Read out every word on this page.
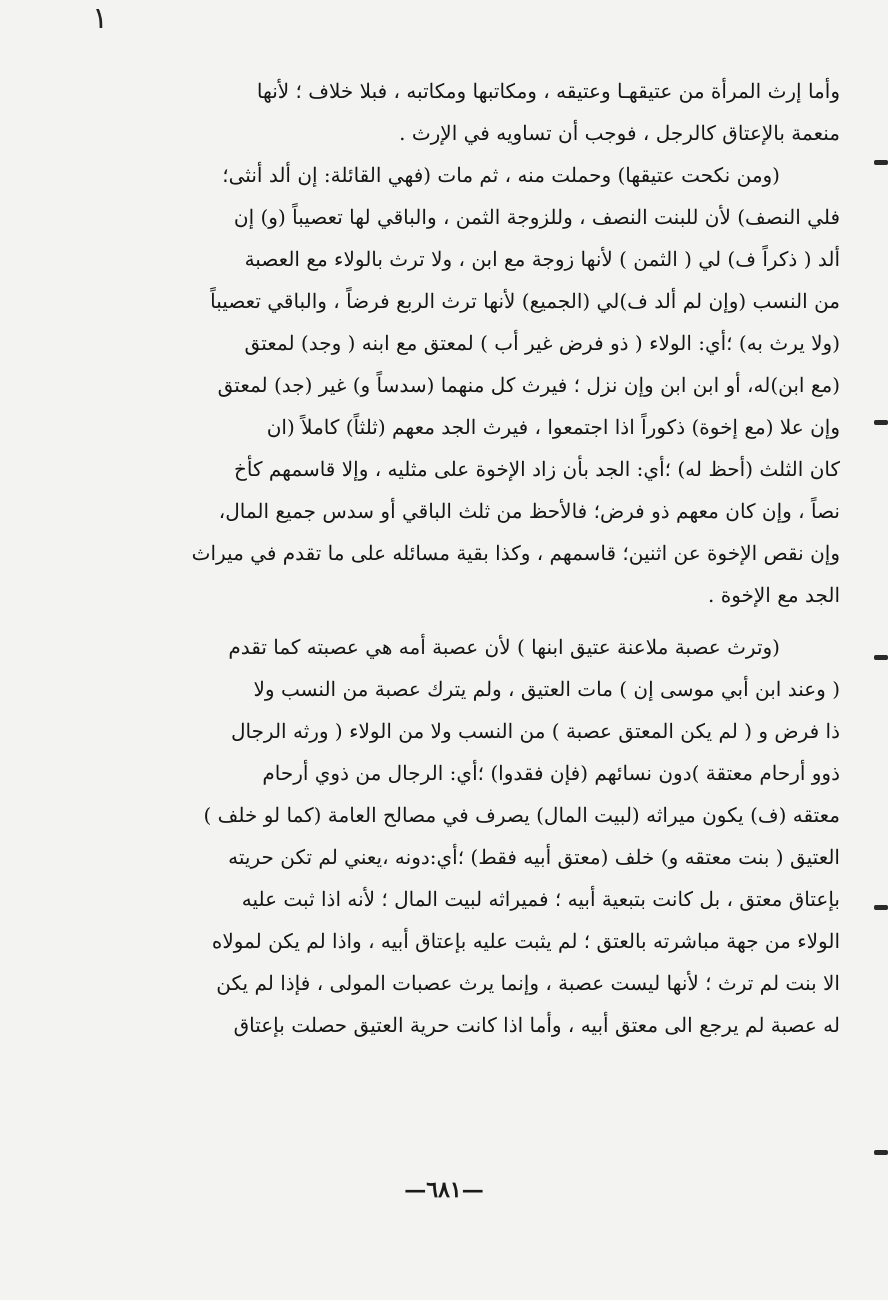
١
وأما إرث المرأة من عتيقهـا وعتيقه ، ومكاتبها ومكاتبه ، فبلا خلاف ؛ لأنها
منعمة بالإعتاق كالرجل ، فوجب أن تساويه في الإرث .
(ومن نكحت عتيقها) وحملت منه ، ثم مات (فهي القائلة: إن ألد أنثى؛
فلي النصف) لأن للبنت النصف ، وللزوجة الثمن ، والباقي لها تعصيباً (و) إن
ألد ( ذكراً ف) لي ( الثمن ) لأنها زوجة مع ابن ، ولا ترث بالولاء مع العصبة
من النسب (وإن لم ألد ف)لي (الجميع) لأنها ترث الربع فرضاً ، والباقي تعصيباً
(ولا يرث به) ؛أي: الولاء ( ذو فرض غير أب ) لمعتق مع ابنه ( وجد) لمعتق
(مع ابن)له، أو ابن ابن وإن نزل ؛ فيرث كل منهما (سدساً و) غير (جد) لمعتق
وإن علا (مع إخوة) ذكوراً اذا اجتمعوا ، فيرث الجد معهم (ثلثاً) كاملاً (ان
كان الثلث (أحظ له) ؛أي: الجد بأن زاد الإخوة على مثليه ، وإلا قاسمهم كأخ
نصاً ، وإن كان معهم ذو فرض؛ فالأحظ من ثلث الباقي أو سدس جميع المال،
وإن نقص الإخوة عن اثنين؛ قاسمهم ، وكذا بقية مسائله على ما تقدم في ميراث
الجد مع الإخوة .
(وترث عصبة ملاعنة عتيق ابنها ) لأن عصبة أمه هي عصبته كما تقدم
( وعند ابن أبي موسى إن ) مات العتيق ، ولم يترك عصبة من النسب ولا
ذا فرض و ( لم يكن المعتق عصبة ) من النسب ولا من الولاء ( ورثه الرجال
ذوو أرحام معتقة )دون نسائهم (فإن فقدوا) ؛أي: الرجال من ذوي أرحام
معتقه (ف) يكون ميراثه (لبيت المال) يصرف في مصالح العامة (كما لو خلف )
العتيق ( بنت معتقه و) خلف (معتق أبيه فقط) ؛أي:دونه ،يعني لم تكن حريته
بإعتاق معتق ، بل كانت بتبعية أبيه ؛ فميراثه لبيت المال ؛ لأنه اذا ثبت عليه
الولاء من جهة مباشرته بالعتق ؛ لم يثبت عليه بإعتاق أبيه ، واذا لم يكن لمولاه
الا بنت لم ترث ؛ لأنها ليست عصبة ، وإنما يرث عصبات المولى ، فإذا لم يكن
له عصبة لم يرجع الى معتق أبيه ، وأما اذا كانت حرية العتيق حصلت بإعتاق
—٦٨١—
